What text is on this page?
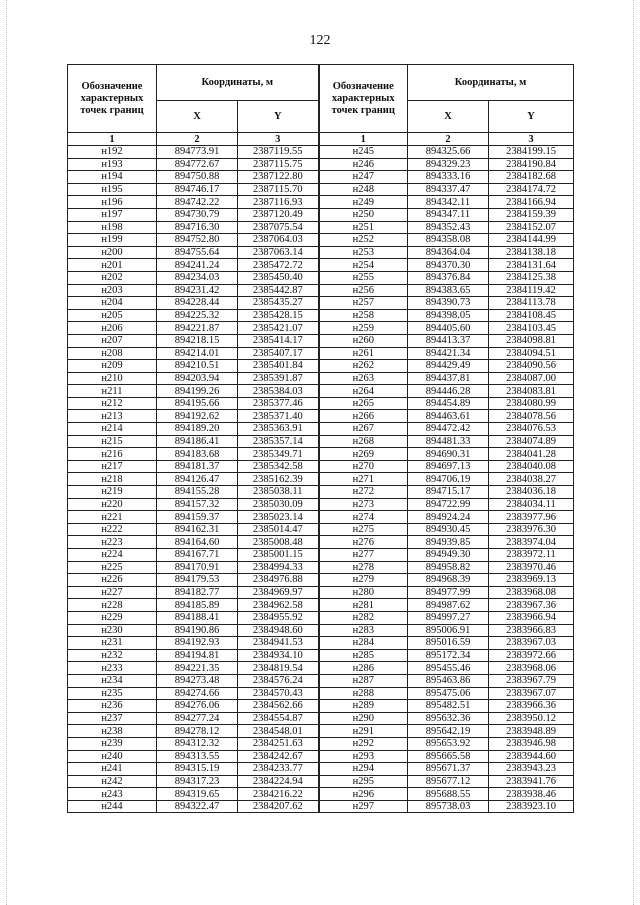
122
Обозначение характерных точек границ	Координаты, м		Обозначение характерных точек границ	Координаты, м	
	X	Y		X	Y
1	2	3	1	2	3
н192	894773.91	2387119.55	н245	894325.66	2384199.15
н193	894772.67	2387115.75	н246	894329.23	2384190.84
н194	894750.88	2387122.80	н247	894333.16	2384182.68
н195	894746.17	2387115.70	н248	894337.47	2384174.72
н196	894742.22	2387116.93	н249	894342.11	2384166.94
н197	894730.79	2387120.49	н250	894347.11	2384159.39
н198	894716.30	2387075.54	н251	894352.43	2384152.07
н199	894752.80	2387064.03	н252	894358.08	2384144.99
н200	894755.64	2387063.14	н253	894364.04	2384138.18
н201	894241.24	2385472.72	н254	894370.30	2384131.64
н202	894234.03	2385450.40	н255	894376.84	2384125.38
н203	894231.42	2385442.87	н256	894383.65	2384119.42
н204	894228.44	2385435.27	н257	894390.73	2384113.78
н205	894225.32	2385428.15	н258	894398.05	2384108.45
н206	894221.87	2385421.07	н259	894405.60	2384103.45
н207	894218.15	2385414.17	н260	894413.37	2384098.81
н208	894214.01	2385407.17	н261	894421.34	2384094.51
н209	894210.51	2385401.84	н262	894429.49	2384090.56
н210	894203.94	2385391.87	н263	894437.81	2384087.00
н211	894199.26	2385384.03	н264	894446.28	2384083.81
н212	894195.66	2385377.46	н265	894454.89	2384080.99
н213	894192.62	2385371.40	н266	894463.61	2384078.56
н214	894189.20	2385363.91	н267	894472.42	2384076.53
н215	894186.41	2385357.14	н268	894481.33	2384074.89
н216	894183.68	2385349.71	н269	894690.31	2384041.28
н217	894181.37	2385342.58	н270	894697.13	2384040.08
н218	894126.47	2385162.39	н271	894706.19	2384038.27
н219	894155.28	2385038.11	н272	894715.17	2384036.18
н220	894157.32	2385030.09	н273	894722.99	2384034.11
н221	894159.37	2385023.14	н274	894924.24	2383977.96
н222	894162.31	2385014.47	н275	894930.45	2383976.30
н223	894164.60	2385008.48	н276	894939.85	2383974.04
н224	894167.71	2385001.15	н277	894949.30	2383972.11
н225	894170.91	2384994.33	н278	894958.82	2383970.46
н226	894179.53	2384976.88	н279	894968.39	2383969.13
н227	894182.77	2384969.97	н280	894977.99	2383968.08
н228	894185.89	2384962.58	н281	894987.62	2383967.36
н229	894188.41	2384955.92	н282	894997.27	2383966.94
н230	894190.86	2384948.60	н283	895006.91	2383966.83
н231	894192.93	2384941.53	н284	895016.59	2383967.03
н232	894194.81	2384934.10	н285	895172.34	2383972.66
н233	894221.35	2384819.54	н286	895455.46	2383968.06
н234	894273.48	2384576.24	н287	895463.86	2383967.79
н235	894274.66	2384570.43	н288	895475.06	2383967.07
н236	894276.06	2384562.66	н289	895482.51	2383966.36
н237	894277.24	2384554.87	н290	895632.36	2383950.12
н238	894278.12	2384548.01	н291	895642.19	2383948.89
н239	894312.32	2384251.63	н292	895653.92	2383946.98
н240	894313.55	2384242.67	н293	895665.58	2383944.60
н241	894315.19	2384233.77	н294	895671.37	2383943.23
н242	894317.23	2384224.94	н295	895677.12	2383941.76
н243	894319.65	2384216.22	н296	895688.55	2383938.46
н244	894322.47	2384207.62	н297	895738.03	2383923.10
